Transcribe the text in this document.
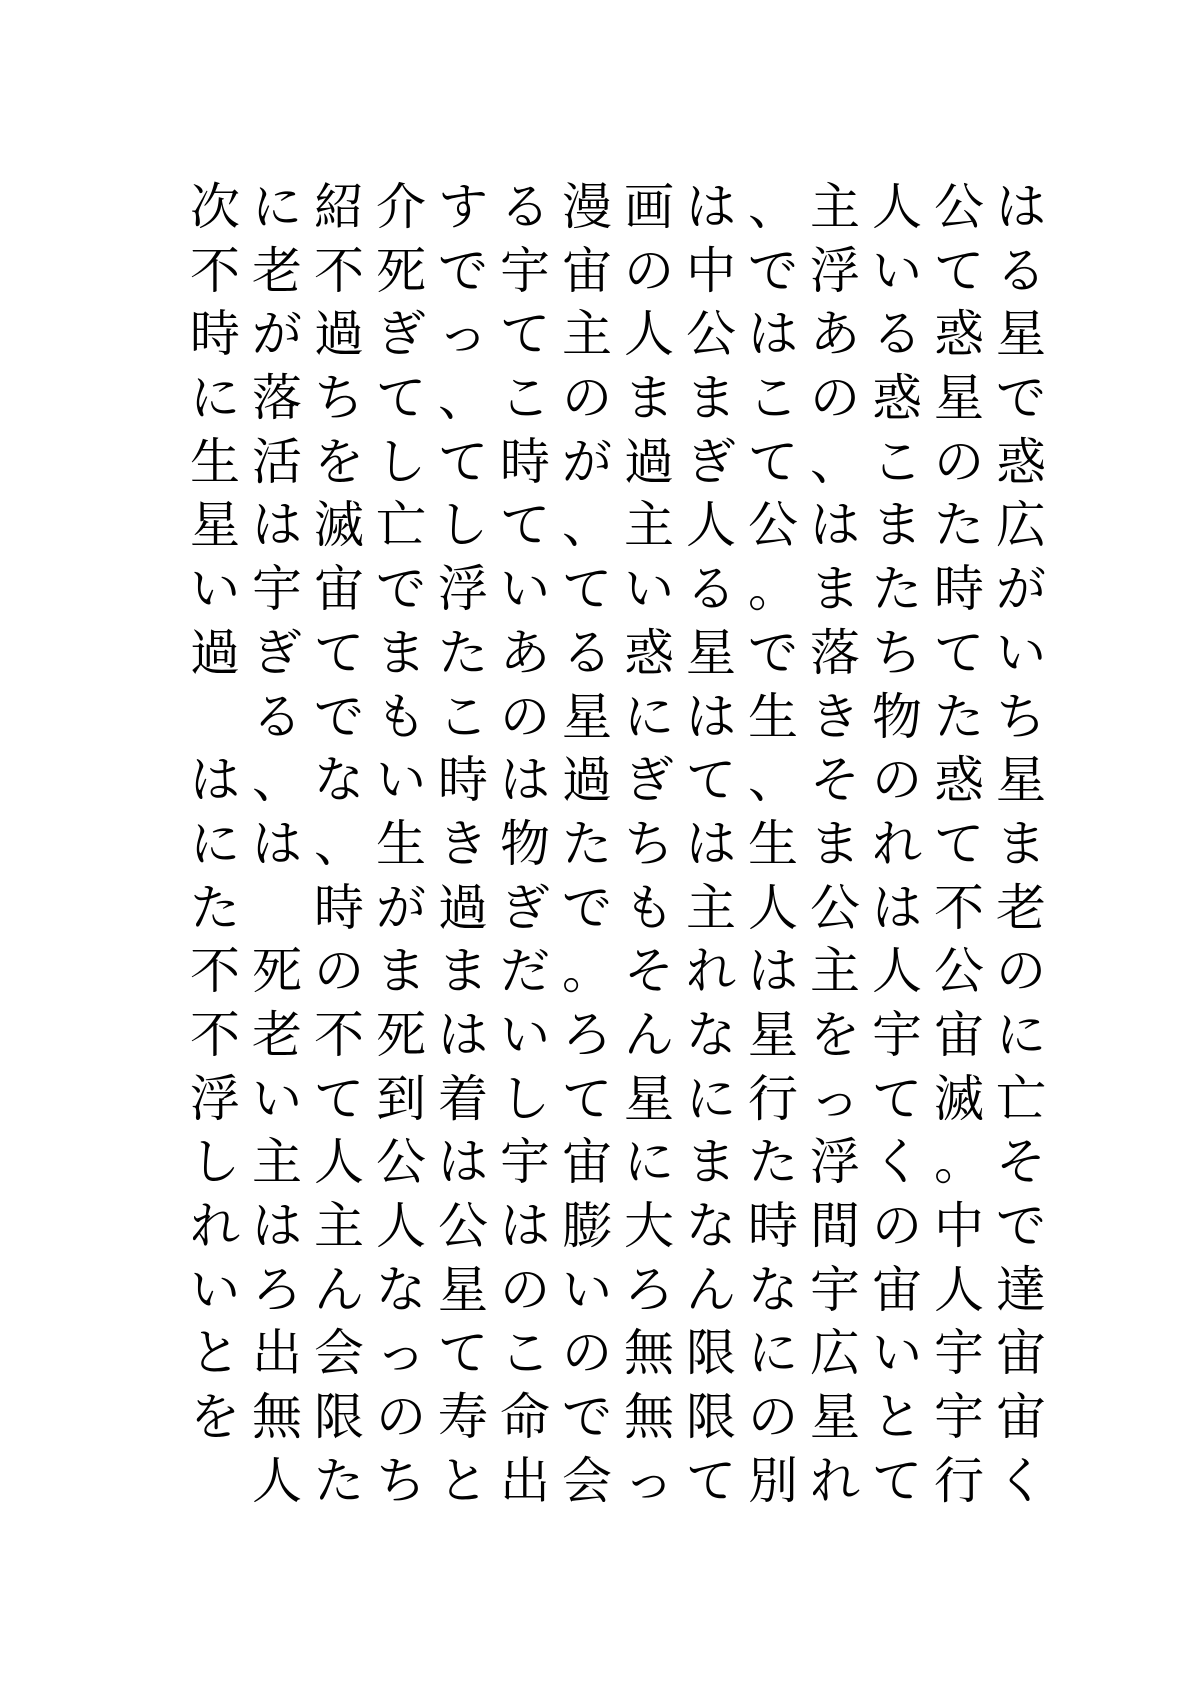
次に紹介する漫画は、主人公は
不老不死で宇宙の中で浮いてる
時が過ぎって主人公はある惑星
に落ちて、このままこの惑星で
生活をして時が過ぎて、この惑
星は滅亡して、主人公はまた広
い宇宙で浮いている。また時が
過ぎてまたある惑星で落ちてい
　るでもこの星には生き物たち
は、ない時は過ぎて、その惑星
には、生き物たちは生まれてま
た　時が過ぎでも主人公は不老
不死のままだ。それは主人公の
不老不死はいろんな星を宇宙に
浮いて到着して星に行って滅亡
し主人公は宇宙にまた浮く。そ
れは主人公は膨大な時間の中で
いろんな星のいろんな宇宙人達
と出会ってこの無限に広い宇宙
を無限の寿命で無限の星と宇宙
　人たちと出会って別れて行く
